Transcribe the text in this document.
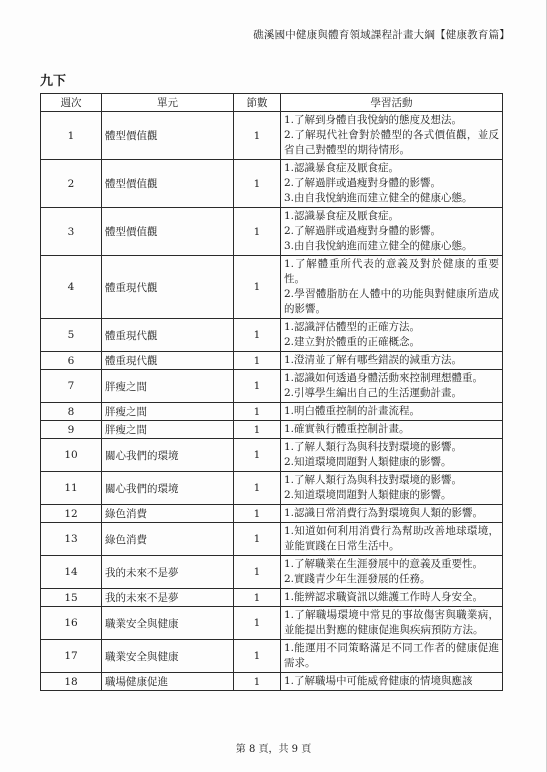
礁溪國中健康與體育領域課程計畫大綱【健康教育篇】
九下
週次	單元	節數	學習活動
1	體型價值觀	1	1.了解到身體自我悅納的態度及想法。
2.了解現代社會對於體型的各式價值觀，並反省自己對體型的期待情形。

2	體型價值觀	1	1.認識暴食症及厭食症。
2.了解過胖或過瘦對身體的影響。
3.由自我悅納進而建立健全的健康心態。

3	體型價值觀	1	1.認識暴食症及厭食症。
2.了解過胖或過瘦對身體的影響。
3.由自我悅納進而建立健全的健康心態。

4	體重現代觀	1	1.了解體重所代表的意義及對於健康的重要性。
2.學習體脂肪在人體中的功能與對健康所造成的影響。

5	體重現代觀	1	1.認識評估體型的正確方法。
2.建立對於體重的正確概念。

6	體重現代觀	1	1.澄清並了解有哪些錯誤的減重方法。

7	胖瘦之間	1	1.認識如何透過身體活動來控制理想體重。
2.引導學生編出自己的生活運動計畫。

8	胖瘦之間	1	1.明白體重控制的計畫流程。

9	胖瘦之間	1	1.確實執行體重控制計畫。

10	關心我們的環境	1	1.了解人類行為與科技對環境的影響。
2.知道環境問題對人類健康的影響。

11	關心我們的環境	1	1.了解人類行為與科技對環境的影響。
2.知道環境問題對人類健康的影響。

12	綠色消費	1	1.認識日常消費行為對環境與人類的影響。

13	綠色消費	1	1.知道如何利用消費行為幫助改善地球環境，並能實踐在日常生活中。

14	我的未來不是夢	1	1.了解職業在生涯發展中的意義及重要性。
2.實踐青少年生涯發展的任務。

15	我的未來不是夢	1	1.能辨認求職資訊以維護工作時人身安全。

16	職業安全與健康	1	1.了解職場環境中常見的事故傷害與職業病，並能提出對應的健康促進與疾病預防方法。

17	職業安全與健康	1	1.能運用不同策略滿足不同工作者的健康促進需求。

18	職場健康促進	1	1.了解職場中可能威脅健康的情境與應該
第 8 頁，共 9 頁
